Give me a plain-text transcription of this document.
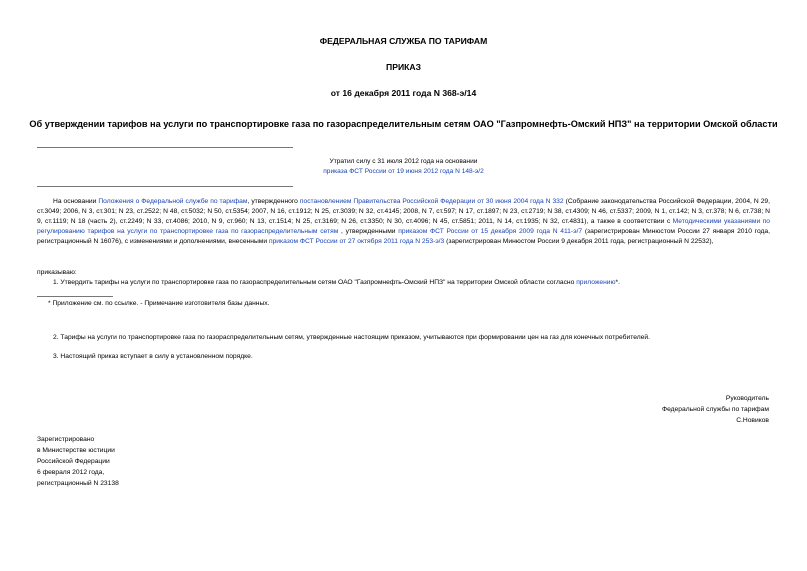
ФЕДЕРАЛЬНАЯ СЛУЖБА ПО ТАРИФАМ
ПРИКАЗ
от 16 декабря 2011 года N 368-э/14
Об утверждении тарифов на услуги по транспортировке газа по газораспределительным сетям ОАО "Газпромнефть-Омский НПЗ" на территории Омской области
Утратил силу с 31 июля 2012 года на основании
приказа ФСТ России от 19 июня 2012 года N 148-э/2
На основании Положения о Федеральной службе по тарифам, утвержденного постановлением Правительства Российской Федерации от 30 июня 2004 года N 332 (Собрание законодательства Российской Федерации, 2004, N 29, ст.3049; 2006, N 3, ст.301; N 23, ст.2522; N 48, ст.5032; N 50, ст.5354; 2007, N 16, ст.1912; N 25, ст.3039; N 32, ст.4145; 2008, N 7, ст.597; N 17, ст.1897; N 23, ст.2719; N 38, ст.4309; N 46, ст.5337; 2009, N 1, ст.142; N 3, ст.378; N 6, ст.738; N 9, ст.1119; N 18 (часть 2), ст.2249; N 33, ст.4086; 2010, N 9, ст.960; N 13, ст.1514; N 25, ст.3169; N 26, ст.3350; N 30, ст.4096; N 45, ст.5851; 2011, N 14, ст.1935; N 32, ст.4831), а также в соответствии с Методическими указаниями по регулированию тарифов на услуги по транспортировке газа по газораспределительным сетям , утвержденными приказом ФСТ России от 15 декабря 2009 года N 411-э/7 (зарегистрирован Минюстом России 27 января 2010 года, регистрационный N 16076), с изменениями и дополнениями, внесенными приказом ФСТ России от 27 октября 2011 года N 253-э/3 (зарегистрирован Минюстом России 9 декабря 2011 года, регистрационный N 22532),
приказываю:
1. Утвердить тарифы на услуги по транспортировке газа по газораспределительным сетям ОАО "Газпромнефть-Омский НПЗ" на территории Омской области согласно приложению*.
* Приложение см. по ссылке. - Примечание изготовителя базы данных.
2. Тарифы на услуги по транспортировке газа по газораспределительным сетям, утвержденные настоящим приказом, учитываются при формировании цен на газ для конечных потребителей.
3. Настоящий приказ вступает в силу в установленном порядке.
Руководитель
Федеральной службы по тарифам
С.Новиков
Зарегистрировано
в Министерстве юстиции
Российской Федерации
6 февраля 2012 года,
регистрационный N 23138
